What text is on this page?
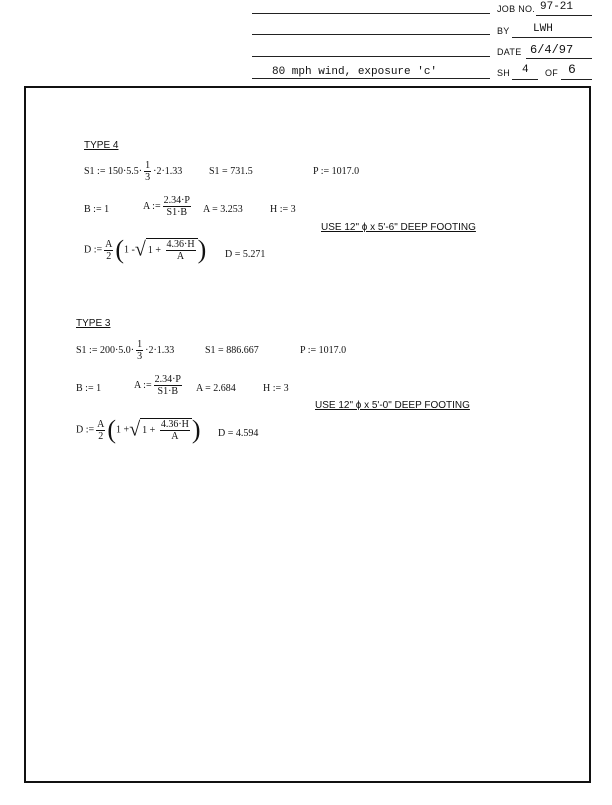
JOB NO. 97-21
BY LWH
DATE 6/4/97
80 mph wind, exposure 'c'	SH 4 OF 6
TYPE 4
S1 := $150\cdot 5.5\cdot \frac{1}{3} \cdot 2\cdot 1.33$	S1 = 731.5	P := 1017.0
B := 1	A := $\frac{2.34\cdot P}{S1\cdot B}$ A = 3.253	H := 3
USE 12" ɸ x 5'-6" DEEP FOOTING
D := $\frac{A}{2} (1$ -√ $1 + \frac{4.36\cdot H}{A}$ ) D = 5.271
TYPE 3
S1 := $200\cdot 5.0\cdot \frac{1}{3} \cdot 2\cdot 1.33$	S1 = 886.667	P := 1017.0
B := 1	A := $\frac{2.34\cdot P}{S1\cdot B}$ A = 2.684	H := 3
USE 12" ɸ x 5'-0" DEEP FOOTING
D := $\frac{A}{2} (1$ +√ $1 + \frac{4.36\cdot H}{A}$ ) D = 4.594
